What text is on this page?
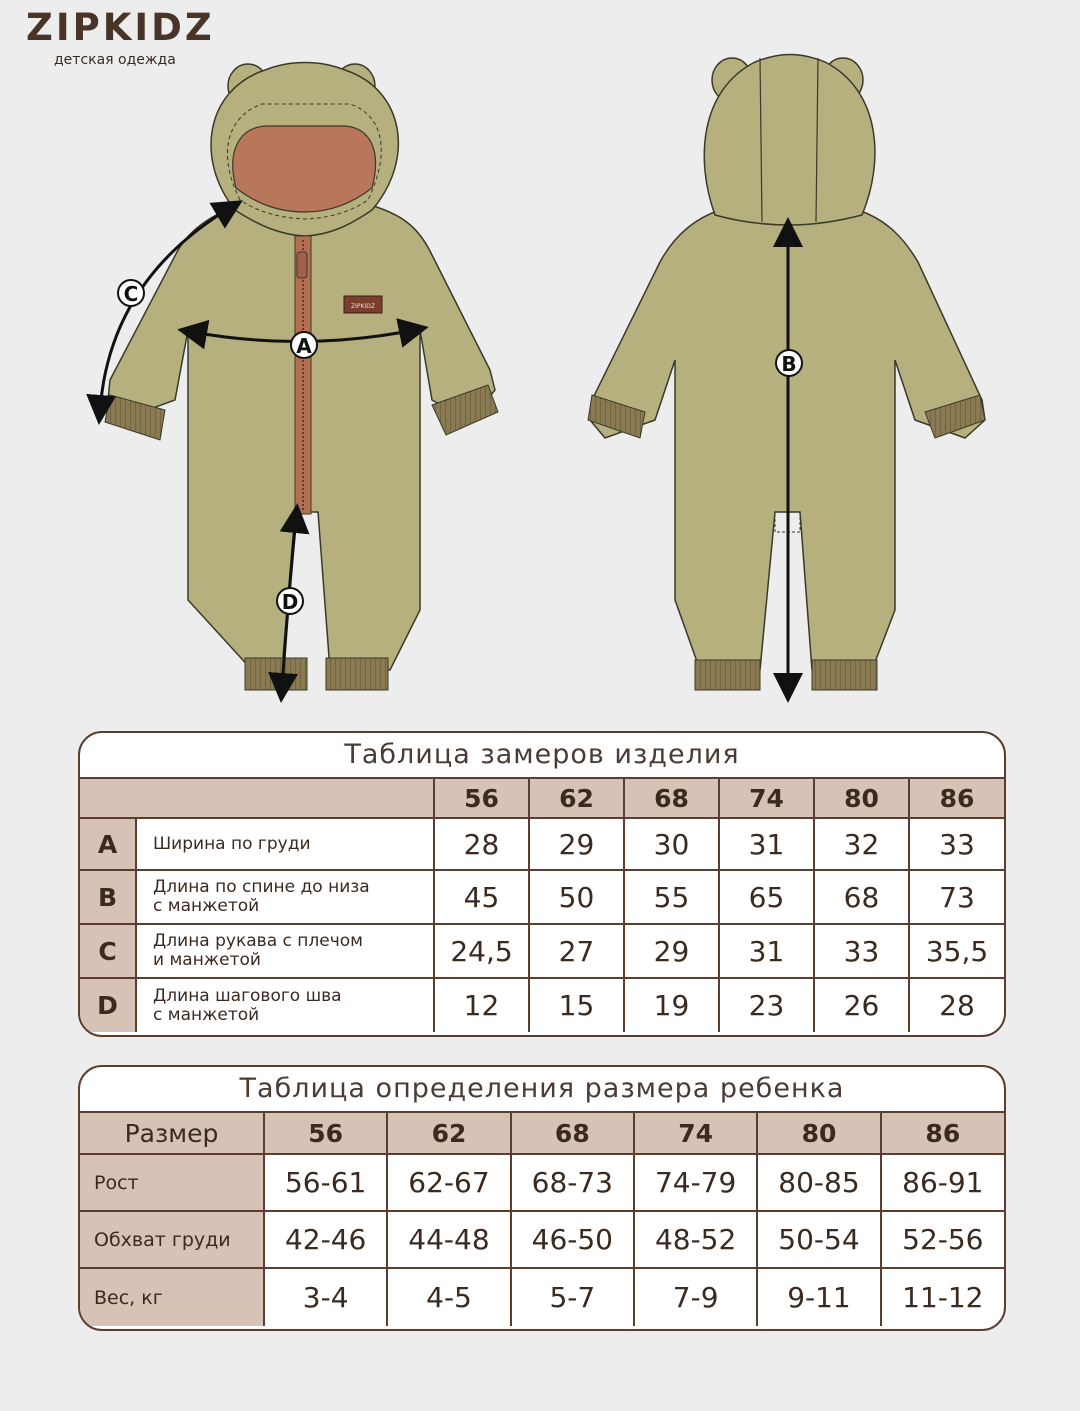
ZIPKIDZ
детская одежда
ZIPKIDZ
A
C
D
B
Таблица замеров изделия
		56	62	68	74	80	86
A	Ширина по груди	28	29	30	31	32	33
B	Длина по спине до низа
с манжетой	45	50	55	65	68	73
C	Длина рукава с плечом
и манжетой	24,5	27	29	31	33	35,5
D	Длина шагового шва
с манжетой	12	15	19	23	26	28
Таблица определения размера ребенка
Размер	56	62	68	74	80	86
Рост	56-61	62-67	68-73	74-79	80-85	86-91
Обхват груди	42-46	44-48	46-50	48-52	50-54	52-56
Вес, кг	3-4	4-5	5-7	7-9	9-11	11-12
